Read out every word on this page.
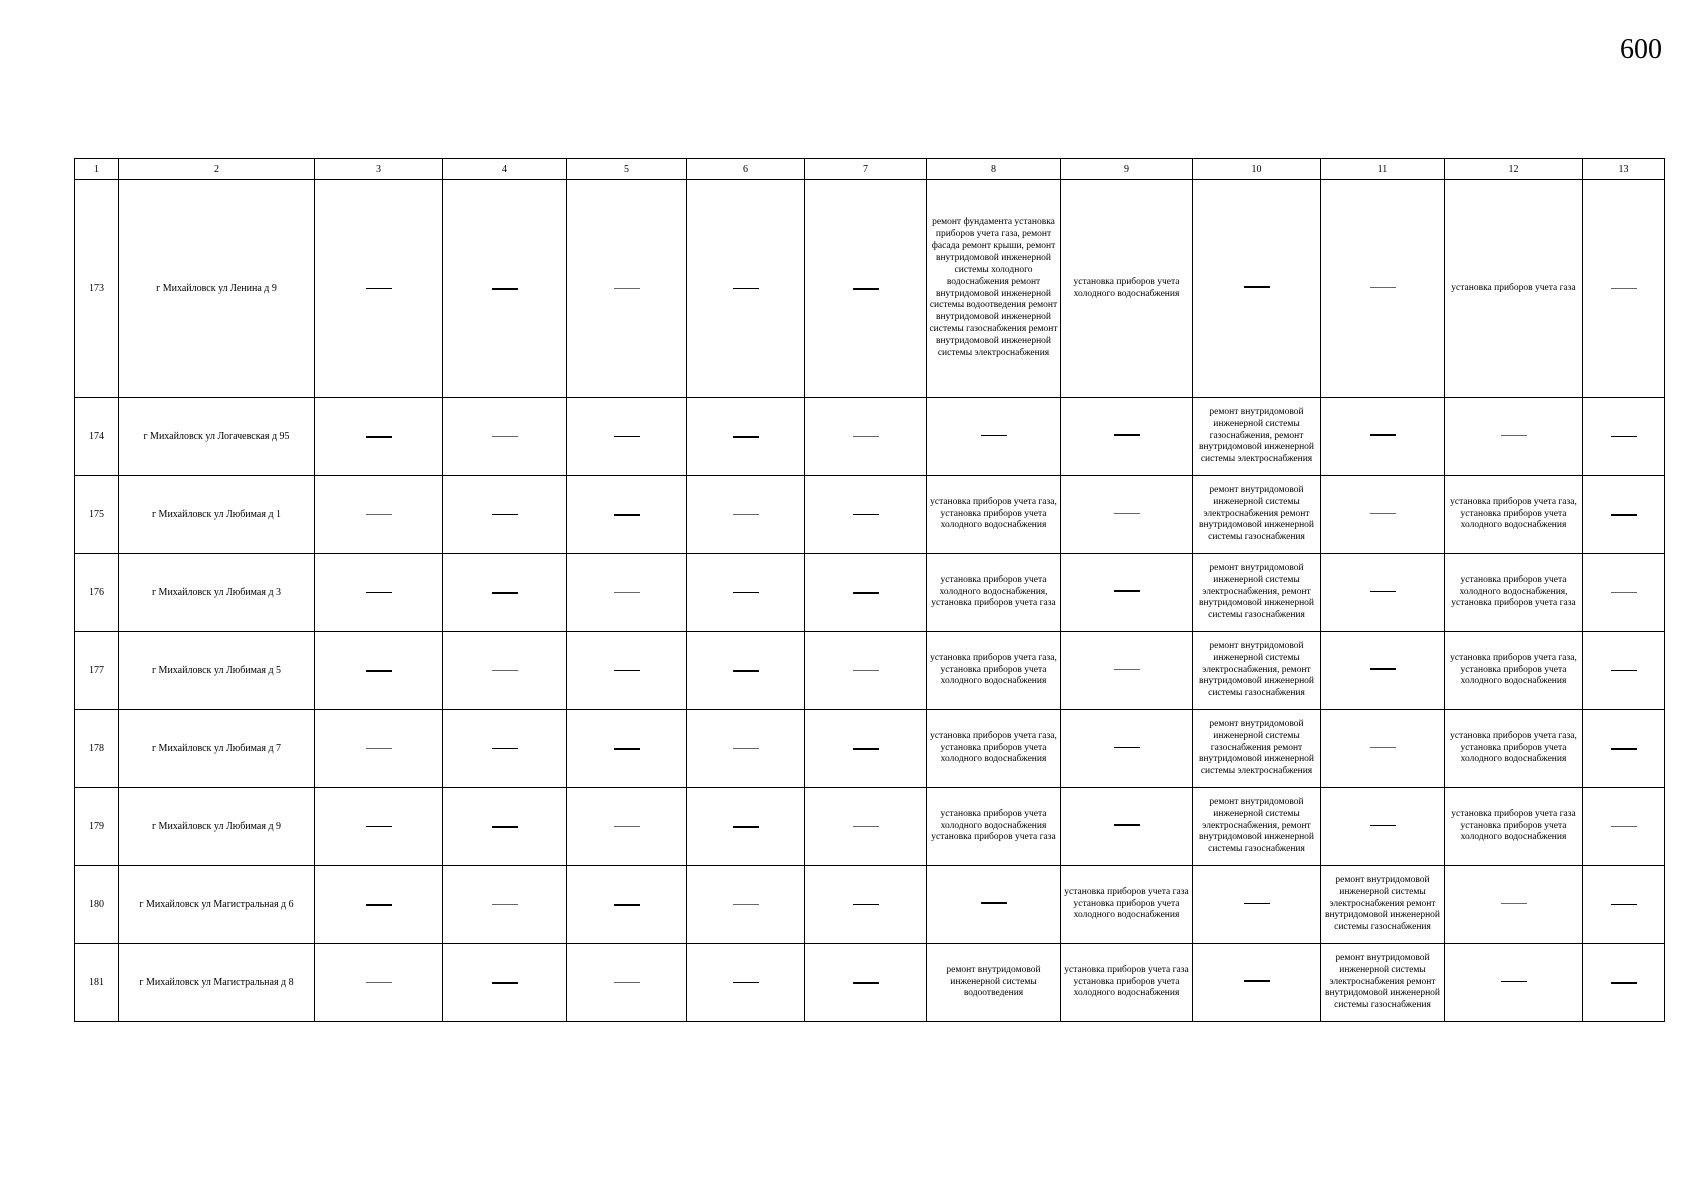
600
1	2	3	4	5	6	7	8	9	10	11	12	13
173	г Михайловск ул Ленина д 9						ремонт фундамента установка приборов учета газа, ремонт фасада ремонт крыши, ремонт внутридомовой инженерной системы холодного водоснабжения ремонт внутридомовой инженерной системы водоотведения ремонт внутридомовой инженерной системы газоснабжения ремонт внутридомовой инженерной системы электроснабжения	установка приборов учета холодного водоснабжения			установка приборов учета газа	
174	г Михайловск ул Логачевская д 95								ремонт внутридомовой инженерной системы газоснабжения, ремонт внутридомовой инженерной системы электроснабжения			
175	г Михайловск ул Любимая д 1						установка приборов учета газа, установка приборов учета холодного водоснабжения		ремонт внутридомовой инженерной системы электроснабжения ремонт внутридомовой инженерной системы газоснабжения		установка приборов учета газа, установка приборов учета холодного водоснабжения	
176	г Михайловск ул Любимая д 3						установка приборов учета холодного водоснабжения, установка приборов учета газа		ремонт внутридомовой инженерной системы электроснабжения, ремонт внутридомовой инженерной системы газоснабжения		установка приборов учета холодного водоснабжения, установка приборов учета газа	
177	г Михайловск ул Любимая д 5						установка приборов учета газа, установка приборов учета холодного водоснабжения		ремонт внутридомовой инженерной системы электроснабжения, ремонт внутридомовой инженерной системы газоснабжения		установка приборов учета газа, установка приборов учета холодного водоснабжения	
178	г Михайловск ул Любимая д 7						установка приборов учета газа, установка приборов учета холодного водоснабжения		ремонт внутридомовой инженерной системы газоснабжения ремонт внутридомовой инженерной системы электроснабжения		установка приборов учета газа, установка приборов учета холодного водоснабжения	
179	г Михайловск ул Любимая д 9						установка приборов учета холодного водоснабжения установка приборов учета газа		ремонт внутридомовой инженерной системы электроснабжения, ремонт внутридомовой инженерной системы газоснабжения		установка приборов учета газа установка приборов учета холодного водоснабжения	
180	г Михайловск ул Магистральная д 6							установка приборов учета газа установка приборов учета холодного водоснабжения		ремонт внутридомовой инженерной системы электроснабжения ремонт внутридомовой инженерной системы газоснабжения		
181	г Михайловск ул Магистральная д 8						ремонт внутридомовой инженерной системы водоотведения	установка приборов учета газа установка приборов учета холодного водоснабжения		ремонт внутридомовой инженерной системы электроснабжения ремонт внутридомовой инженерной системы газоснабжения		
